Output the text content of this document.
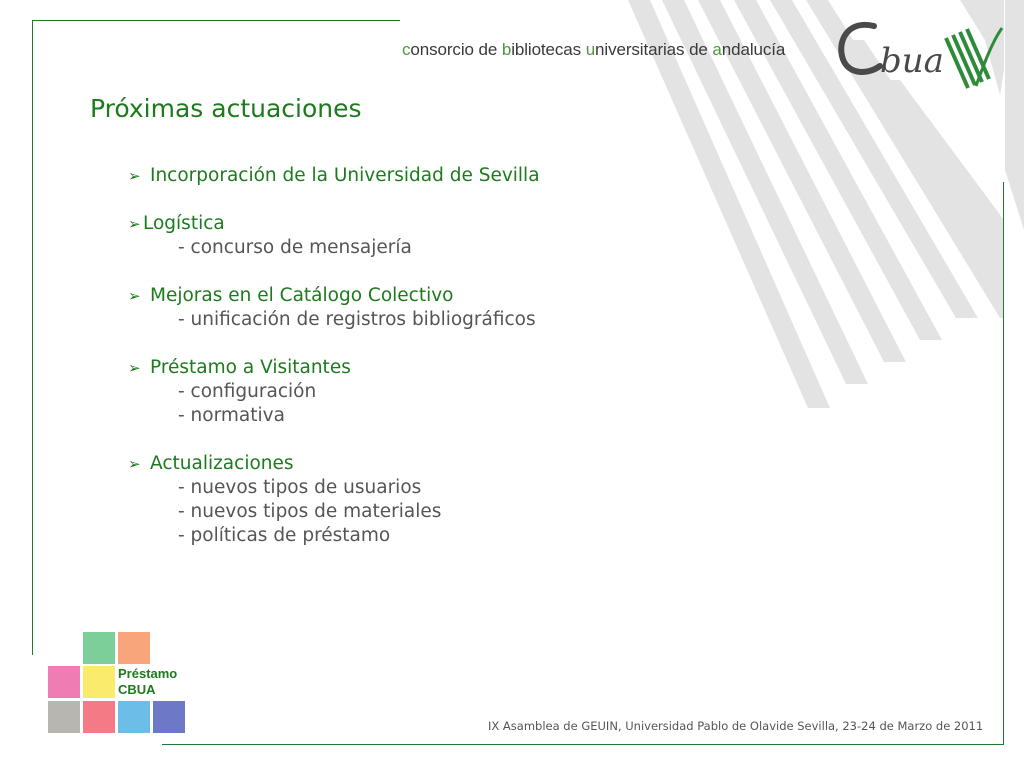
consorcio de bibliotecas universitarias de andalucía	bua
Próximas actuaciones
➢ Incorporación de la Universidad de Sevilla
➢ Logística
- concurso de mensajería
➢ Mejoras en el Catálogo Colectivo
- unificación de registros bibliográficos
➢ Préstamo a Visitantes
- configuración
- normativa
➢ Actualizaciones
- nuevos tipos de usuarios
- nuevos tipos de materiales
- políticas de préstamo
Préstamo
CBUA
IX Asamblea de GEUIN, Universidad Pablo de Olavide Sevilla, 23-24 de Marzo de 2011
